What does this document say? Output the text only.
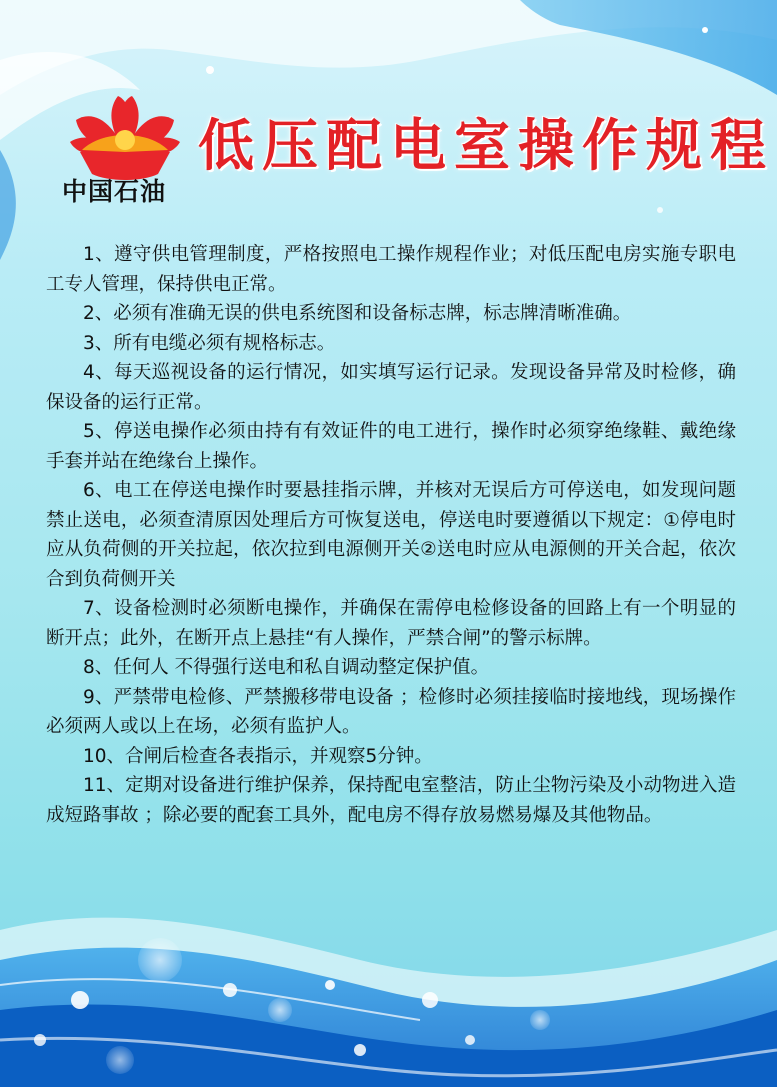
中国石油
低压配电室操作规程

1、遵守供电管理制度，严格按照电工操作规程作业；对低压配电房实施专职电工专人管理，保持供电正常。

2、必须有准确无误的供电系统图和设备标志牌，标志牌清晰准确。

3、所有电缆必须有规格标志。

4、每天巡视设备的运行情况，如实填写运行记录。发现设备异常及时检修，确保设备的运行正常。

5、停送电操作必须由持有有效证件的电工进行，操作时必须穿绝缘鞋、戴绝缘手套并站在绝缘台上操作。

6、电工在停送电操作时要悬挂指示牌，并核对无误后方可停送电，如发现问题禁止送电，必须查清原因处理后方可恢复送电，停送电时要遵循以下规定：①停电时应从负荷侧的开关拉起，依次拉到电源侧开关②送电时应从电源侧的开关合起，依次合到负荷侧开关

7、设备检测时必须断电操作，并确保在需停电检修设备的回路上有一个明显的断开点；此外，在断开点上悬挂“有人操作，严禁合闸”的警示标牌。

8、任何人 不得强行送电和私自调动整定保护值。

9、严禁带电检修、严禁搬移带电设备 ；检修时必须挂接临时接地线，现场操作必须两人或以上在场，必须有监护人。

10、合闸后检查各表指示，并观察5分钟。

11、定期对设备进行维护保养，保持配电室整洁，防止尘物污染及小动物进入造成短路事故 ；除必要的配套工具外，配电房不得存放易燃易爆及其他物品。
